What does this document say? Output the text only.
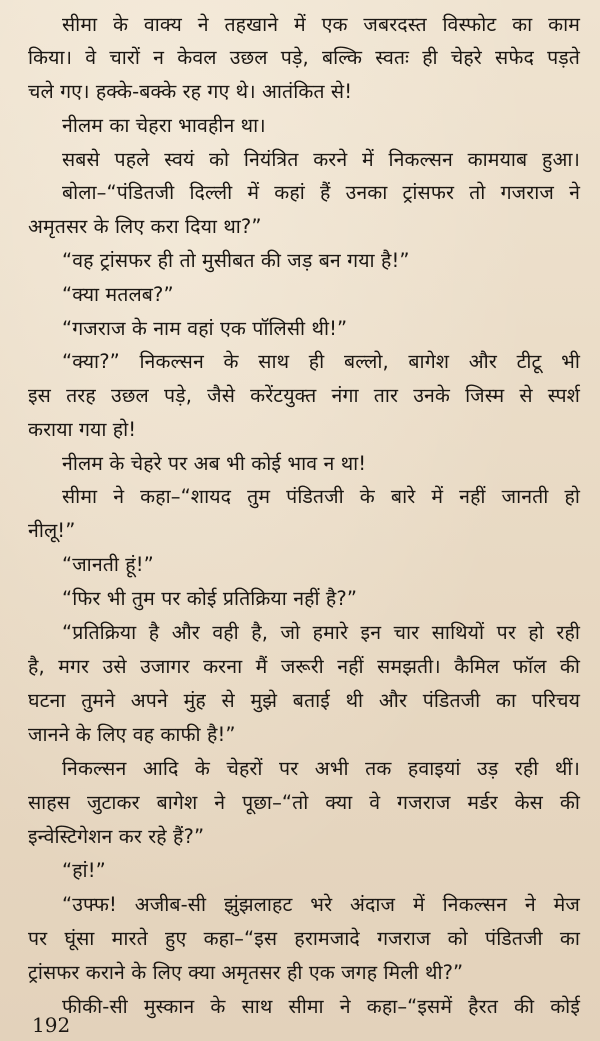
सीमा के वाक्य ने तहखाने में एक जबरदस्त विस्फोट का काम
किया। वे चारों न केवल उछल पड़े, बल्कि स्वतः ही चेहरे सफेद पड़ते
चले गए। हक्के-बक्के रह गए थे। आतंकित से!
नीलम का चेहरा भावहीन था।
सबसे पहले स्वयं को नियंत्रित करने में निकल्सन कामयाब हुआ।
बोला–“पंडितजी दिल्ली में कहां हैं उनका ट्रांसफर तो गजराज ने
अमृतसर के लिए करा दिया था?”
“वह ट्रांसफर ही तो मुसीबत की जड़ बन गया है!”
“क्या मतलब?”
“गजराज के नाम वहां एक पॉलिसी थी!”
“क्या?” निकल्सन के साथ ही बल्लो, बागेश और टीटू भी
इस तरह उछल पड़े, जैसे करेंटयुक्त नंगा तार उनके जिस्म से स्पर्श
कराया गया हो!
नीलम के चेहरे पर अब भी कोई भाव न था!
सीमा ने कहा–“शायद तुम पंडितजी के बारे में नहीं जानती हो
नीलू!”
“जानती हूं!”
“फिर भी तुम पर कोई प्रतिक्रिया नहीं है?”
“प्रतिक्रिया है और वही है, जो हमारे इन चार साथियों पर हो रही
है, मगर उसे उजागर करना मैं जरूरी नहीं समझती। कैमिल फॉल की
घटना तुमने अपने मुंह से मुझे बताई थी और पंडितजी का परिचय
जानने के लिए वह काफी है!”
निकल्सन आदि के चेहरों पर अभी तक हवाइयां उड़ रही थीं।
साहस जुटाकर बागेश ने पूछा–“तो क्या वे गजराज मर्डर केस की
इन्वेस्टिगेशन कर रहे हैं?”
“हां!”
“उफ्फ! अजीब-सी झुंझलाहट भरे अंदाज में निकल्सन ने मेज
पर घूंसा मारते हुए कहा–“इस हरामजादे गजराज को पंडितजी का
ट्रांसफर कराने के लिए क्या अमृतसर ही एक जगह मिली थी?”
फीकी-सी मुस्कान के साथ सीमा ने कहा–“इसमें हैरत की कोई
192
